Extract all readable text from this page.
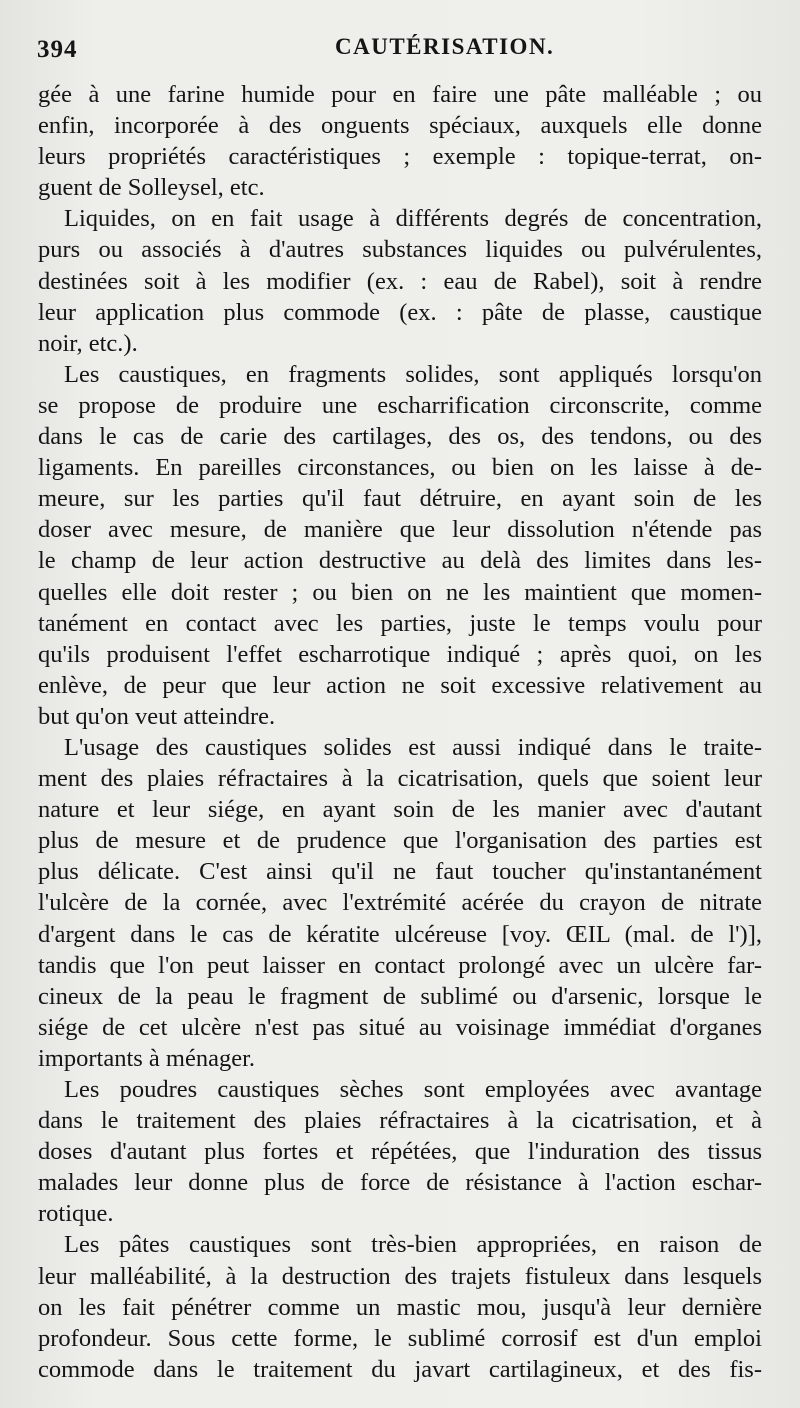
394	CAUTÉRISATION.
gée à une farine humide pour en faire une pâte malléable ; ou
enfin, incorporée à des onguents spéciaux, auxquels elle donne
leurs propriétés caractéristiques ; exemple : topique-terrat, on-
guent de Solleysel, etc.
Liquides, on en fait usage à différents degrés de concentration,
purs ou associés à d'autres substances liquides ou pulvérulentes,
destinées soit à les modifier (ex. : eau de Rabel), soit à rendre
leur application plus commode (ex. : pâte de plasse, caustique
noir, etc.).
Les caustiques, en fragments solides, sont appliqués lorsqu'on
se propose de produire une escharrification circonscrite, comme
dans le cas de carie des cartilages, des os, des tendons, ou des
ligaments. En pareilles circonstances, ou bien on les laisse à de-
meure, sur les parties qu'il faut détruire, en ayant soin de les
doser avec mesure, de manière que leur dissolution n'étende pas
le champ de leur action destructive au delà des limites dans les-
quelles elle doit rester ; ou bien on ne les maintient que momen-
tanément en contact avec les parties, juste le temps voulu pour
qu'ils produisent l'effet escharrotique indiqué ; après quoi, on les
enlève, de peur que leur action ne soit excessive relativement au
but qu'on veut atteindre.
L'usage des caustiques solides est aussi indiqué dans le traite-
ment des plaies réfractaires à la cicatrisation, quels que soient leur
nature et leur siége, en ayant soin de les manier avec d'autant
plus de mesure et de prudence que l'organisation des parties est
plus délicate. C'est ainsi qu'il ne faut toucher qu'instantanément
l'ulcère de la cornée, avec l'extrémité acérée du crayon de nitrate
d'argent dans le cas de kératite ulcéreuse [voy. ŒIL (mal. de l')],
tandis que l'on peut laisser en contact prolongé avec un ulcère far-
cineux de la peau le fragment de sublimé ou d'arsenic, lorsque le
siége de cet ulcère n'est pas situé au voisinage immédiat d'organes
importants à ménager.
Les poudres caustiques sèches sont employées avec avantage
dans le traitement des plaies réfractaires à la cicatrisation, et à
doses d'autant plus fortes et répétées, que l'induration des tissus
malades leur donne plus de force de résistance à l'action eschar-
rotique.
Les pâtes caustiques sont très-bien appropriées, en raison de
leur malléabilité, à la destruction des trajets fistuleux dans lesquels
on les fait pénétrer comme un mastic mou, jusqu'à leur dernière
profondeur. Sous cette forme, le sublimé corrosif est d'un emploi
commode dans le traitement du javart cartilagineux, et des fis-
